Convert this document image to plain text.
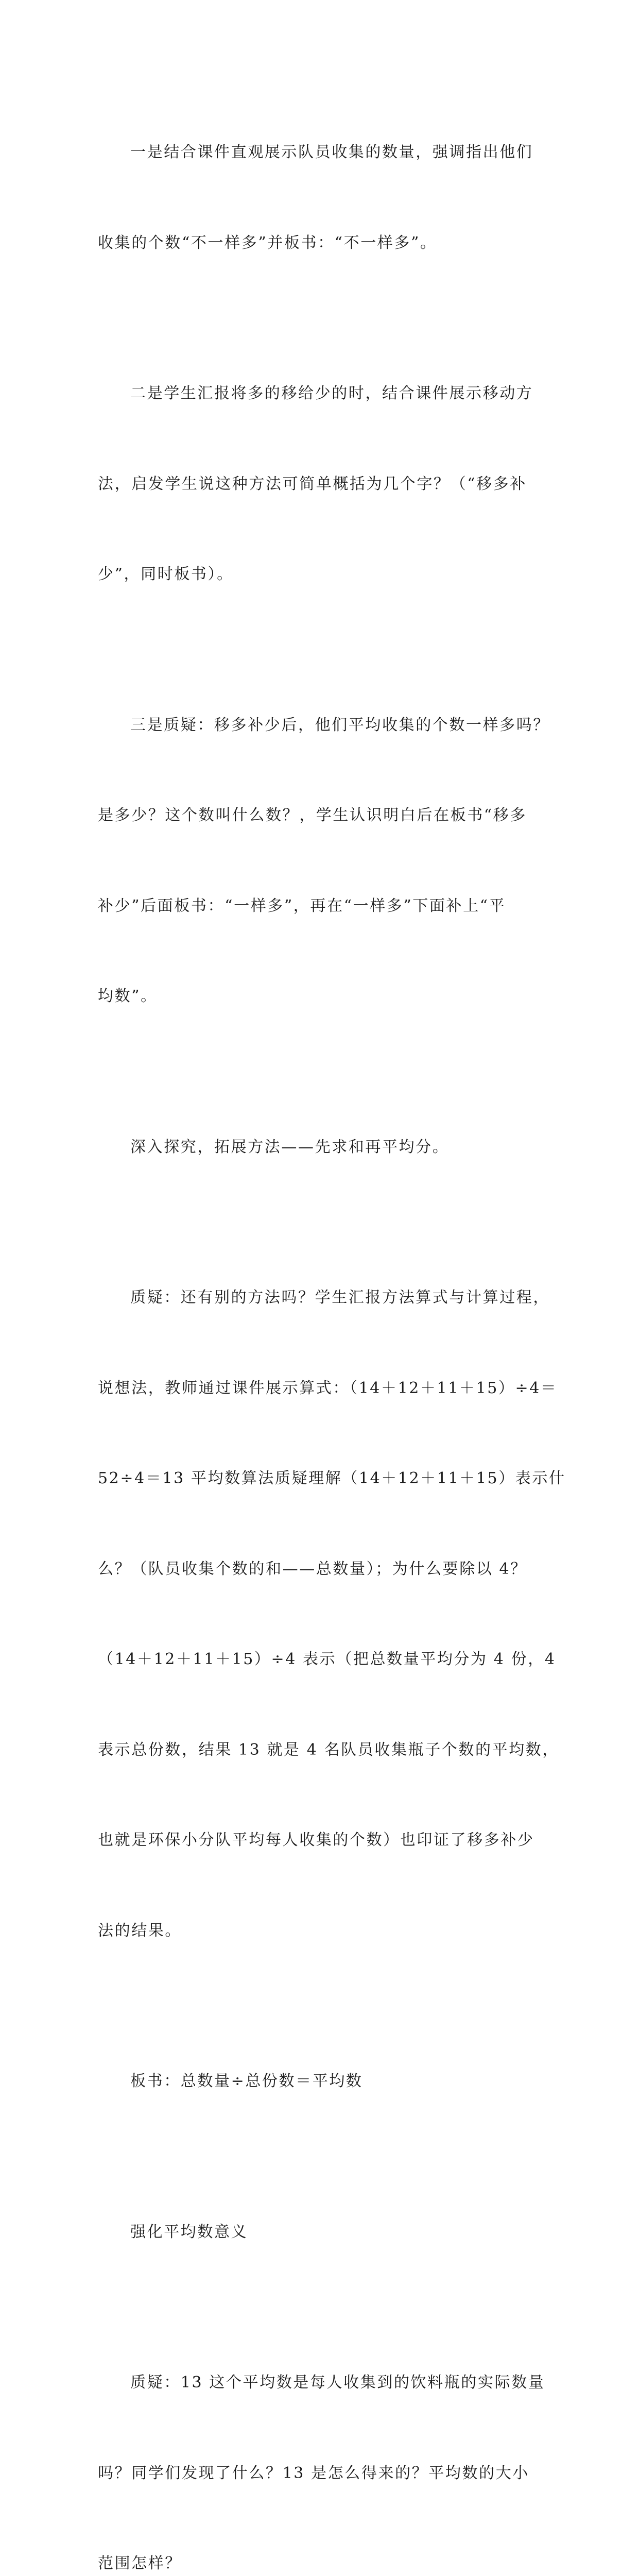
一是结合课件直观展示队员收集的数量，强调指出他们

收集的个数“不一样多”并板书：“不一样多”。

二是学生汇报将多的移给少的时，结合课件展示移动方

法，启发学生说这种方法可简单概括为几个字？（“移多补

少”，同时板书）。

三是质疑：移多补少后，他们平均收集的个数一样多吗？

是多少？这个数叫什么数？，学生认识明白后在板书“移多

补少”后面板书：“一样多”，再在“一样多”下面补上“平

均数”。

深入探究，拓展方法——先求和再平均分。

质疑：还有别的方法吗？学生汇报方法算式与计算过程，

说想法，教师通过课件展示算式：（14＋12＋11＋15）÷4＝

52÷4＝13 平均数算法质疑理解（14＋12＋11＋15）表示什

么？（队员收集个数的和——总数量）；为什么要除以 4？

（14＋12＋11＋15）÷4 表示（把总数量平均分为 4 份，4

表示总份数，结果 13 就是 4 名队员收集瓶子个数的平均数，

也就是环保小分队平均每人收集的个数）也印证了移多补少

法的结果。

板书：总数量÷总份数＝平均数

强化平均数意义

质疑：13 这个平均数是每人收集到的饮料瓶的实际数量

吗？同学们发现了什么？13 是怎么得来的？平均数的大小

范围怎样？
